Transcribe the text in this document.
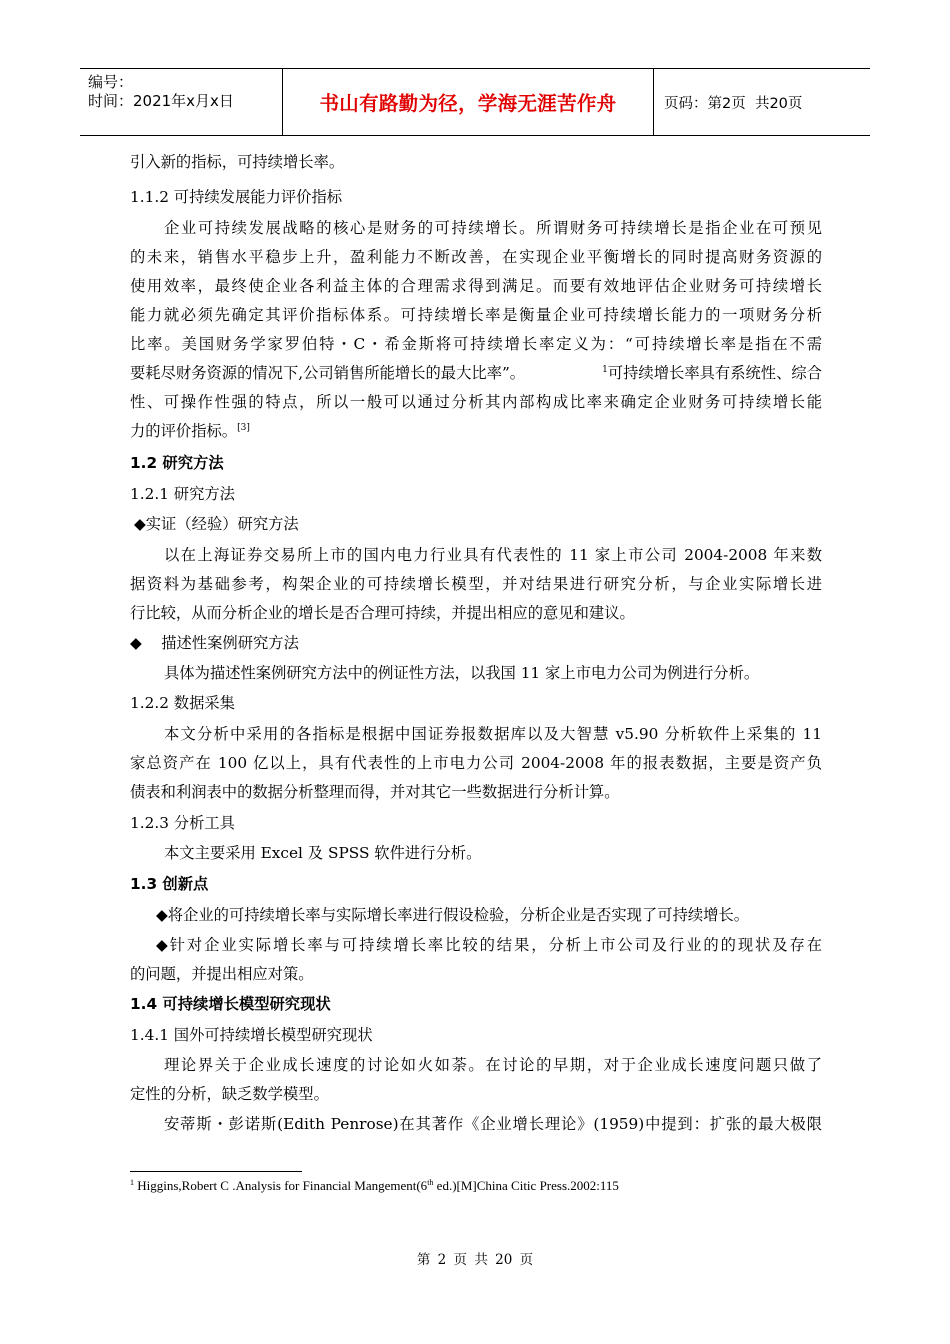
编号：
时间：2021年x月x日	书山有路勤为径，学海无涯苦作舟	页码：第2页  共20页
引入新的指标，可持续增长率。
1.1.2 可持续发展能力评价指标
企业可持续发展战略的核心是财务的可持续增长。所谓财务可持续增长是指企业在可预见
的未来，销售水平稳步上升，盈利能力不断改善，在实现企业平衡增长的同时提高财务资源的
使用效率，最终使企业各利益主体的合理需求得到满足。而要有效地评估企业财务可持续增长
能力就必须先确定其评价指标体系。可持续增长率是衡量企业可持续增长能力的一项财务分析
比率。美国财务学家罗伯特・C・希金斯将可持续增长率定义为：“可持续增长率是指在不需
要耗尽财务资源的情况下,公司销售所能增长的最大比率”。	$^1$可持续增长率具有系统性、综合
性、可操作性强的特点，所以一般可以通过分析其内部构成比率来确定企业财务可持续增长能
力的评价指标。[3]
1.2 研究方法
1.2.1 研究方法
◆实证（经验）研究方法
以在上海证券交易所上市的国内电力行业具有代表性的 11 家上市公司 2004-2008 年来数
据资料为基础参考，构架企业的可持续增长模型，并对结果进行研究分析，与企业实际增长进
行比较，从而分析企业的增长是否合理可持续，并提出相应的意见和建议。
◆    描述性案例研究方法
具体为描述性案例研究方法中的例证性方法，以我国 11 家上市电力公司为例进行分析。
1.2.2 数据采集
本文分析中采用的各指标是根据中国证券报数据库以及大智慧 v5.90 分析软件上采集的 11
家总资产在 100 亿以上，具有代表性的上市电力公司 2004-2008 年的报表数据，主要是资产负
债表和利润表中的数据分析整理而得，并对其它一些数据进行分析计算。
1.2.3 分析工具
本文主要采用 Excel 及 SPSS 软件进行分析。
1.3 创新点
◆将企业的可持续增长率与实际增长率进行假设检验，分析企业是否实现了可持续增长。
◆针对企业实际增长率与可持续增长率比较的结果，分析上市公司及行业的的现状及存在
的问题，并提出相应对策。
1.4 可持续增长模型研究现状
1.4.1 国外可持续增长模型研究现状
理论界关于企业成长速度的讨论如火如荼。在讨论的早期，对于企业成长速度问题只做了
定性的分析，缺乏数学模型。
安蒂斯・彭诺斯(Edith Penrose)在其著作《企业增长理论》(1959)中提到：扩张的最大极限
$^1$ Higgins,Robert C .Analysis for Financial Mangement(6th ed.)[M]China Citic Press.2002:115
第 2 页 共 20 页
